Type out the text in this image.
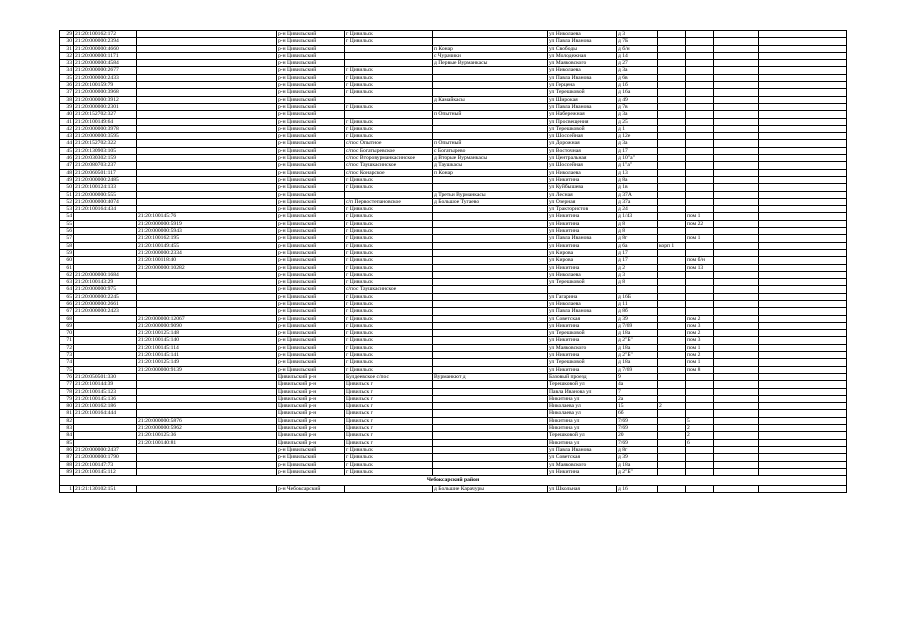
29	21:20:100162:172		р-н Цивильский	г Цивильск		ул Николаева	д 3				
30	21:20:000000:2394		р-н Цивильский	г Цивильск		ул Павла Иванова	д 7Б				
31	21:20:000000:4660		р-н Цивильский		п Конар	ул Свободы	д б/н				
32	21:20:000000:1171		р-н Цивильский		с Чурачики	ул Молодежная	д 14				
33	21:20:000000:4584		р-н Цивильский		д Первые Вурманкасы	ул Маяковского	д 27				
34	21:20:000000:2677		р-н Цивильский	г Цивильск		ул Николаева	д 3а				
35	21:20:000000:2433		р-н Цивильский	г Цивильск		ул Павла Иванова	д 6в				
36	21:20:100159:79		р-н Цивильский	г Цивильск		ул Герцена	д 1б				
37	21:20:000000:3968		р-н Цивильский	г Цивильск		ул Терешковой	д 16а				
38	21:20:000000:3912		р-н Цивильский		д Камайкасы	ул Широкая	д 49				
39	21:20:000000:2301		р-н Цивильский	г Цивильск		ул Павла Иванова	д 7в				
40	21:20:152702:327		р-н Цивильский		п Опытный	ул Набережная	д 3а				
41	21:20:100149:64		р-н Цивильский	г Цивильск		ул Просвещения	д 25				
42	21:20:000000:3978		р-н Цивильский	г Цивильск		ул Терешковой	д 1				
43	21:20:000000:3595		р-н Цивильский	г Цивильск		ул Шоссейная	д 12е				
44	21:20:152702:322		р-н Цивильский	с/пос Опытное	п Опытный	ул Дорожная	д 3а				
45	21:20:130903:105		р-н Цивильский	с/пос Богатыревское	с Богатырево	ул Восточная	д 17				
46	21:20:030302:159		р-н Цивильский	с/пос Второвурманкасинское	д Вторые Вурманкасы	ул Центральная	д 10"а"				
47	21:20:080703:237		р-н Цивильский	с/пос Таушкасинское	д Таушкасы	ул Шоссейная	д 1"а"				
48	21:20:060501:117		р-н Цивильский	с/пос Конарское	п Конар	ул Николаева	д 13				
49	21:20:000000:2485		р-н Цивильский	г Цивильск		ул Никитина	д 8а				
50	21:20:100124:133		р-н Цивильский	г Цивильск		ул Куйбышева	д 1в				
51	21:20:000000:555		р-н Цивильский		д Третьи Вурманкасы	ул Лесная	д 37А				
52	21:20:000000:4074		р-н Цивильский	с/п Первостепановское	д Большое Тугаево	ул Озерная	д 37а				
53	21:20:100164:434		р-н Цивильский	г Цивильск		ул Трактористов	д 24				
54		21:20:100145:76	р-н Цивильский	г Цивильск		ул Никитина	д 1/43		пом 1		
55		21:20:000000:5919	р-н Цивильский	г Цивильск		ул Никитина	д 8		пом 22		
56		21:20:000000:5943	р-н Цивильский	г Цивильск		ул Никитина	д 8				
57		21:20:100162:195	р-н Цивильский	г Цивильск		ул Павла Иванова	д 8г		пом 1		
58		21:20:100149:455	р-н Цивильский	г Цивильск		ул Никитина	д 6а	корп 1			
59		21:20:000000:2334	р-н Цивильский	г Цивильск		ул Кирова	д 17				
60		21:20:100118:40	р-н Цивильский	г Цивильск		ул Кирова	д 17		пом б/н		
61		21:20:000000:10282	р-н Цивильский	г Цивильск		ул Никитина	д 2		пом 13		
62	21:20:000000:1684		р-н Цивильский	г Цивильск		ул Николаева	д 3				
63	21:20:100143:29		р-н Цивильский	г Цивильск		ул Терешковой	д 8				
64	21:20:000000:975		р-н Цивильский	с/пос Таушкасинское							
65	21:20:000000:2245		р-н Цивильский	г Цивильск		ул Гагарина	д 16Б				
66	21:20:000000:2661		р-н Цивильский	г Цивильск		ул Николаева	д 11				
67	21:20:000000:2423		р-н Цивильский	г Цивильск		ул Павла Иванова	д 8б				
68		21:20:000000:12067	р-н Цивильский	г Цивильск		ул Советская	д 39		пом 2		
69		21:20:000000:9090	р-н Цивильский	г Цивильск		ул Никитина	д 7/69		пом 3		
70		21:20:100125:148	р-н Цивильский	г Цивильск		ул Терешковой	д 18а		пом 2		
71		21:20:100145:140	р-н Цивильский	г Цивильск		ул Никитина	д 2"Б"		пом 3		
72		21:20:100145:114	р-н Цивильский	г Цивильск		ул Маяковского	д 18а		пом 1		
73		21:20:100145:141	р-н Цивильский	г Цивильск		ул Никитина	д 2"Б"		пом 2		
74		21:20:100125:149	р-н Цивильский	г Цивильск		ул Терешковой	д 18а		пом 1		
75		21:20:000000:9139	р-н Цивильский	г Цивильск		ул Никитина	д 7/69		пом 8		
76	21:20:050501:330		Цивильский р-н	Булдеевское с/пос	Вурманкют д	Базовый проезд	9				
77	21:20:100144:39		Цивильский р-н	Цивильск г		Терешковой ул	4а				
78	21:20:100145:123		Цивильский р-н	Цивильск г		Павла Иванова ул	7				
79	21:20:100145:136		Цивильский р-н	Цивильск г		Никитина ул	2а				
80	21:20:100162:186		Цивильский р-н	Цивильск г		Николаева ул	15	2			
81	21:20:100164:444		Цивильский р-н	Цивильск г		Николаева ул	6б				
82		21:20:000000:5876	Цивильский р-н	Цивильск г		Никитина ул	7/69		5		
83		21:20:000000:5962	Цивильский р-н	Цивильск г		Никитина ул	7/69		2		
84		21:20:100125:36	Цивильский р-н	Цивильск г		Терешковой ул	20		2		
85		21:20:100140:81	Цивильский р-н	Цивильск г		Никитина ул	7/69		6		
86	21:20:000000:2437		р-н Цивильский	г Цивильск		ул Павла Иванова	д 8г				
87	21:20:000000:1790		р-н Цивильский	г Цивильск		ул Советская	д 39				
88	21:20:100147:73		р-н Цивильский	г Цивильск		ул Маяковского	д 18а				
89	21:20:100145:112		р-н Цивильский	г Цивильск		ул Никитина	д 2"Б"				
Чебоксарский район											
1	21:21:130102:151		р-н Чебоксарский		д Большие Карачуры	ул Школьная	д 16				
